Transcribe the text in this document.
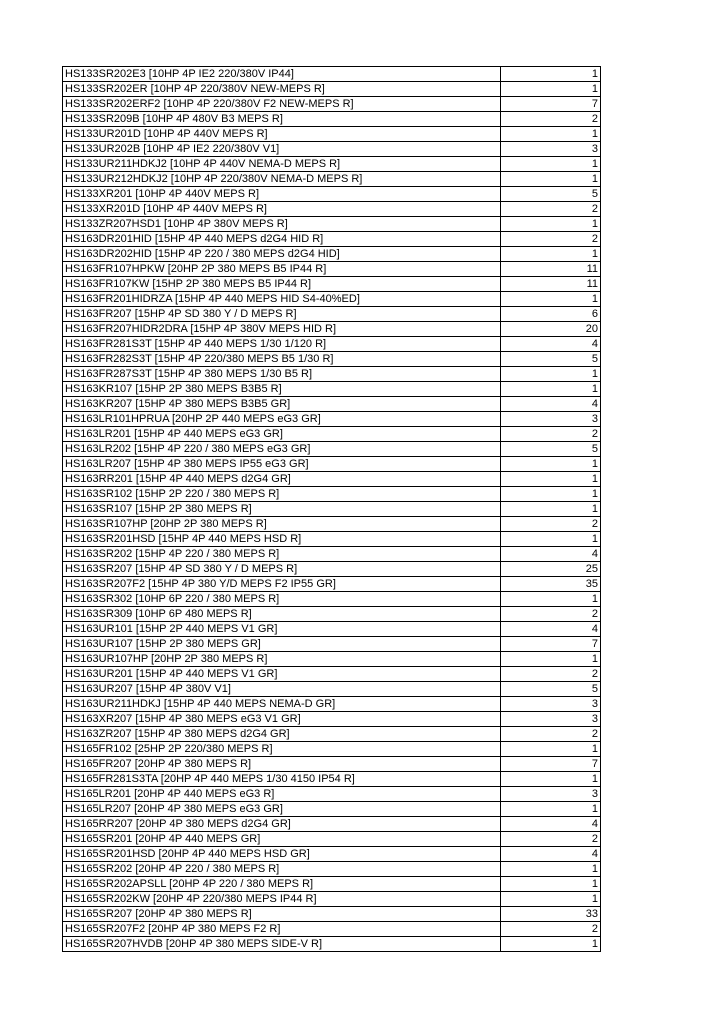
HS133SR202E3 [10HP 4P IE2 220/380V IP44]	1
HS133SR202ER [10HP 4P 220/380V NEW-MEPS R]	1
HS133SR202ERF2 [10HP 4P 220/380V F2 NEW-MEPS R]	7
HS133SR209B [10HP 4P 480V B3 MEPS R]	2
HS133UR201D [10HP 4P 440V MEPS R]	1
HS133UR202B [10HP 4P IE2 220/380V V1]	3
HS133UR211HDKJ2 [10HP 4P 440V NEMA-D MEPS R]	1
HS133UR212HDKJ2 [10HP 4P 220/380V NEMA-D MEPS R]	1
HS133XR201 [10HP 4P 440V MEPS R]	5
HS133XR201D [10HP 4P 440V MEPS R]	2
HS133ZR207HSD1 [10HP 4P 380V MEPS R]	1
HS163DR201HID [15HP 4P 440 MEPS d2G4 HID R]	2
HS163DR202HID [15HP 4P 220 / 380 MEPS d2G4 HID]	1
HS163FR107HPKW [20HP 2P 380 MEPS B5 IP44 R]	11
HS163FR107KW [15HP 2P 380 MEPS B5 IP44 R]	11
HS163FR201HIDRZA [15HP 4P 440 MEPS HID S4-40%ED]	1
HS163FR207 [15HP 4P SD 380 Y / D MEPS R]	6
HS163FR207HIDR2DRA [15HP 4P 380V MEPS HID R]	20
HS163FR281S3T [15HP 4P 440 MEPS 1/30 1/120 R]	4
HS163FR282S3T [15HP 4P 220/380 MEPS B5 1/30 R]	5
HS163FR287S3T [15HP 4P 380 MEPS 1/30 B5 R]	1
HS163KR107 [15HP 2P 380 MEPS B3B5 R]	1
HS163KR207 [15HP 4P 380 MEPS B3B5 GR]	4
HS163LR101HPRUA [20HP 2P 440 MEPS eG3 GR]	3
HS163LR201 [15HP 4P 440 MEPS eG3 GR]	2
HS163LR202 [15HP 4P 220 / 380 MEPS eG3 GR]	5
HS163LR207 [15HP 4P 380 MEPS IP55 eG3 GR]	1
HS163RR201 [15HP 4P 440 MEPS d2G4 GR]	1
HS163SR102 [15HP 2P 220 / 380 MEPS R]	1
HS163SR107 [15HP 2P 380 MEPS R]	1
HS163SR107HP [20HP 2P 380 MEPS R]	2
HS163SR201HSD [15HP 4P 440 MEPS HSD R]	1
HS163SR202 [15HP 4P 220 / 380 MEPS R]	4
HS163SR207 [15HP 4P SD 380 Y / D MEPS R]	25
HS163SR207F2 [15HP 4P 380 Y/D MEPS F2 IP55 GR]	35
HS163SR302 [10HP 6P 220 / 380 MEPS R]	1
HS163SR309 [10HP 6P 480 MEPS R]	2
HS163UR101 [15HP 2P 440 MEPS V1 GR]	4
HS163UR107 [15HP 2P 380 MEPS GR]	7
HS163UR107HP [20HP 2P 380 MEPS R]	1
HS163UR201 [15HP 4P 440 MEPS V1 GR]	2
HS163UR207 [15HP 4P 380V V1]	5
HS163UR211HDKJ [15HP 4P 440 MEPS NEMA-D GR]	3
HS163XR207 [15HP 4P 380 MEPS eG3 V1 GR]	3
HS163ZR207 [15HP 4P 380 MEPS d2G4 GR]	2
HS165FR102 [25HP 2P 220/380 MEPS R]	1
HS165FR207 [20HP 4P 380 MEPS R]	7
HS165FR281S3TA [20HP 4P 440 MEPS 1/30 4150 IP54 R]	1
HS165LR201 [20HP 4P 440 MEPS eG3 R]	3
HS165LR207 [20HP 4P 380 MEPS eG3 GR]	1
HS165RR207 [20HP 4P 380 MEPS d2G4 GR]	4
HS165SR201 [20HP 4P 440 MEPS GR]	2
HS165SR201HSD [20HP 4P 440 MEPS HSD GR]	4
HS165SR202 [20HP 4P 220 / 380 MEPS R]	1
HS165SR202APSLL [20HP 4P 220 / 380 MEPS R]	1
HS165SR202KW [20HP 4P 220/380 MEPS IP44 R]	1
HS165SR207 [20HP 4P 380 MEPS R]	33
HS165SR207F2 [20HP 4P 380 MEPS F2 R]	2
HS165SR207HVDB [20HP 4P 380 MEPS SIDE-V R]	1
